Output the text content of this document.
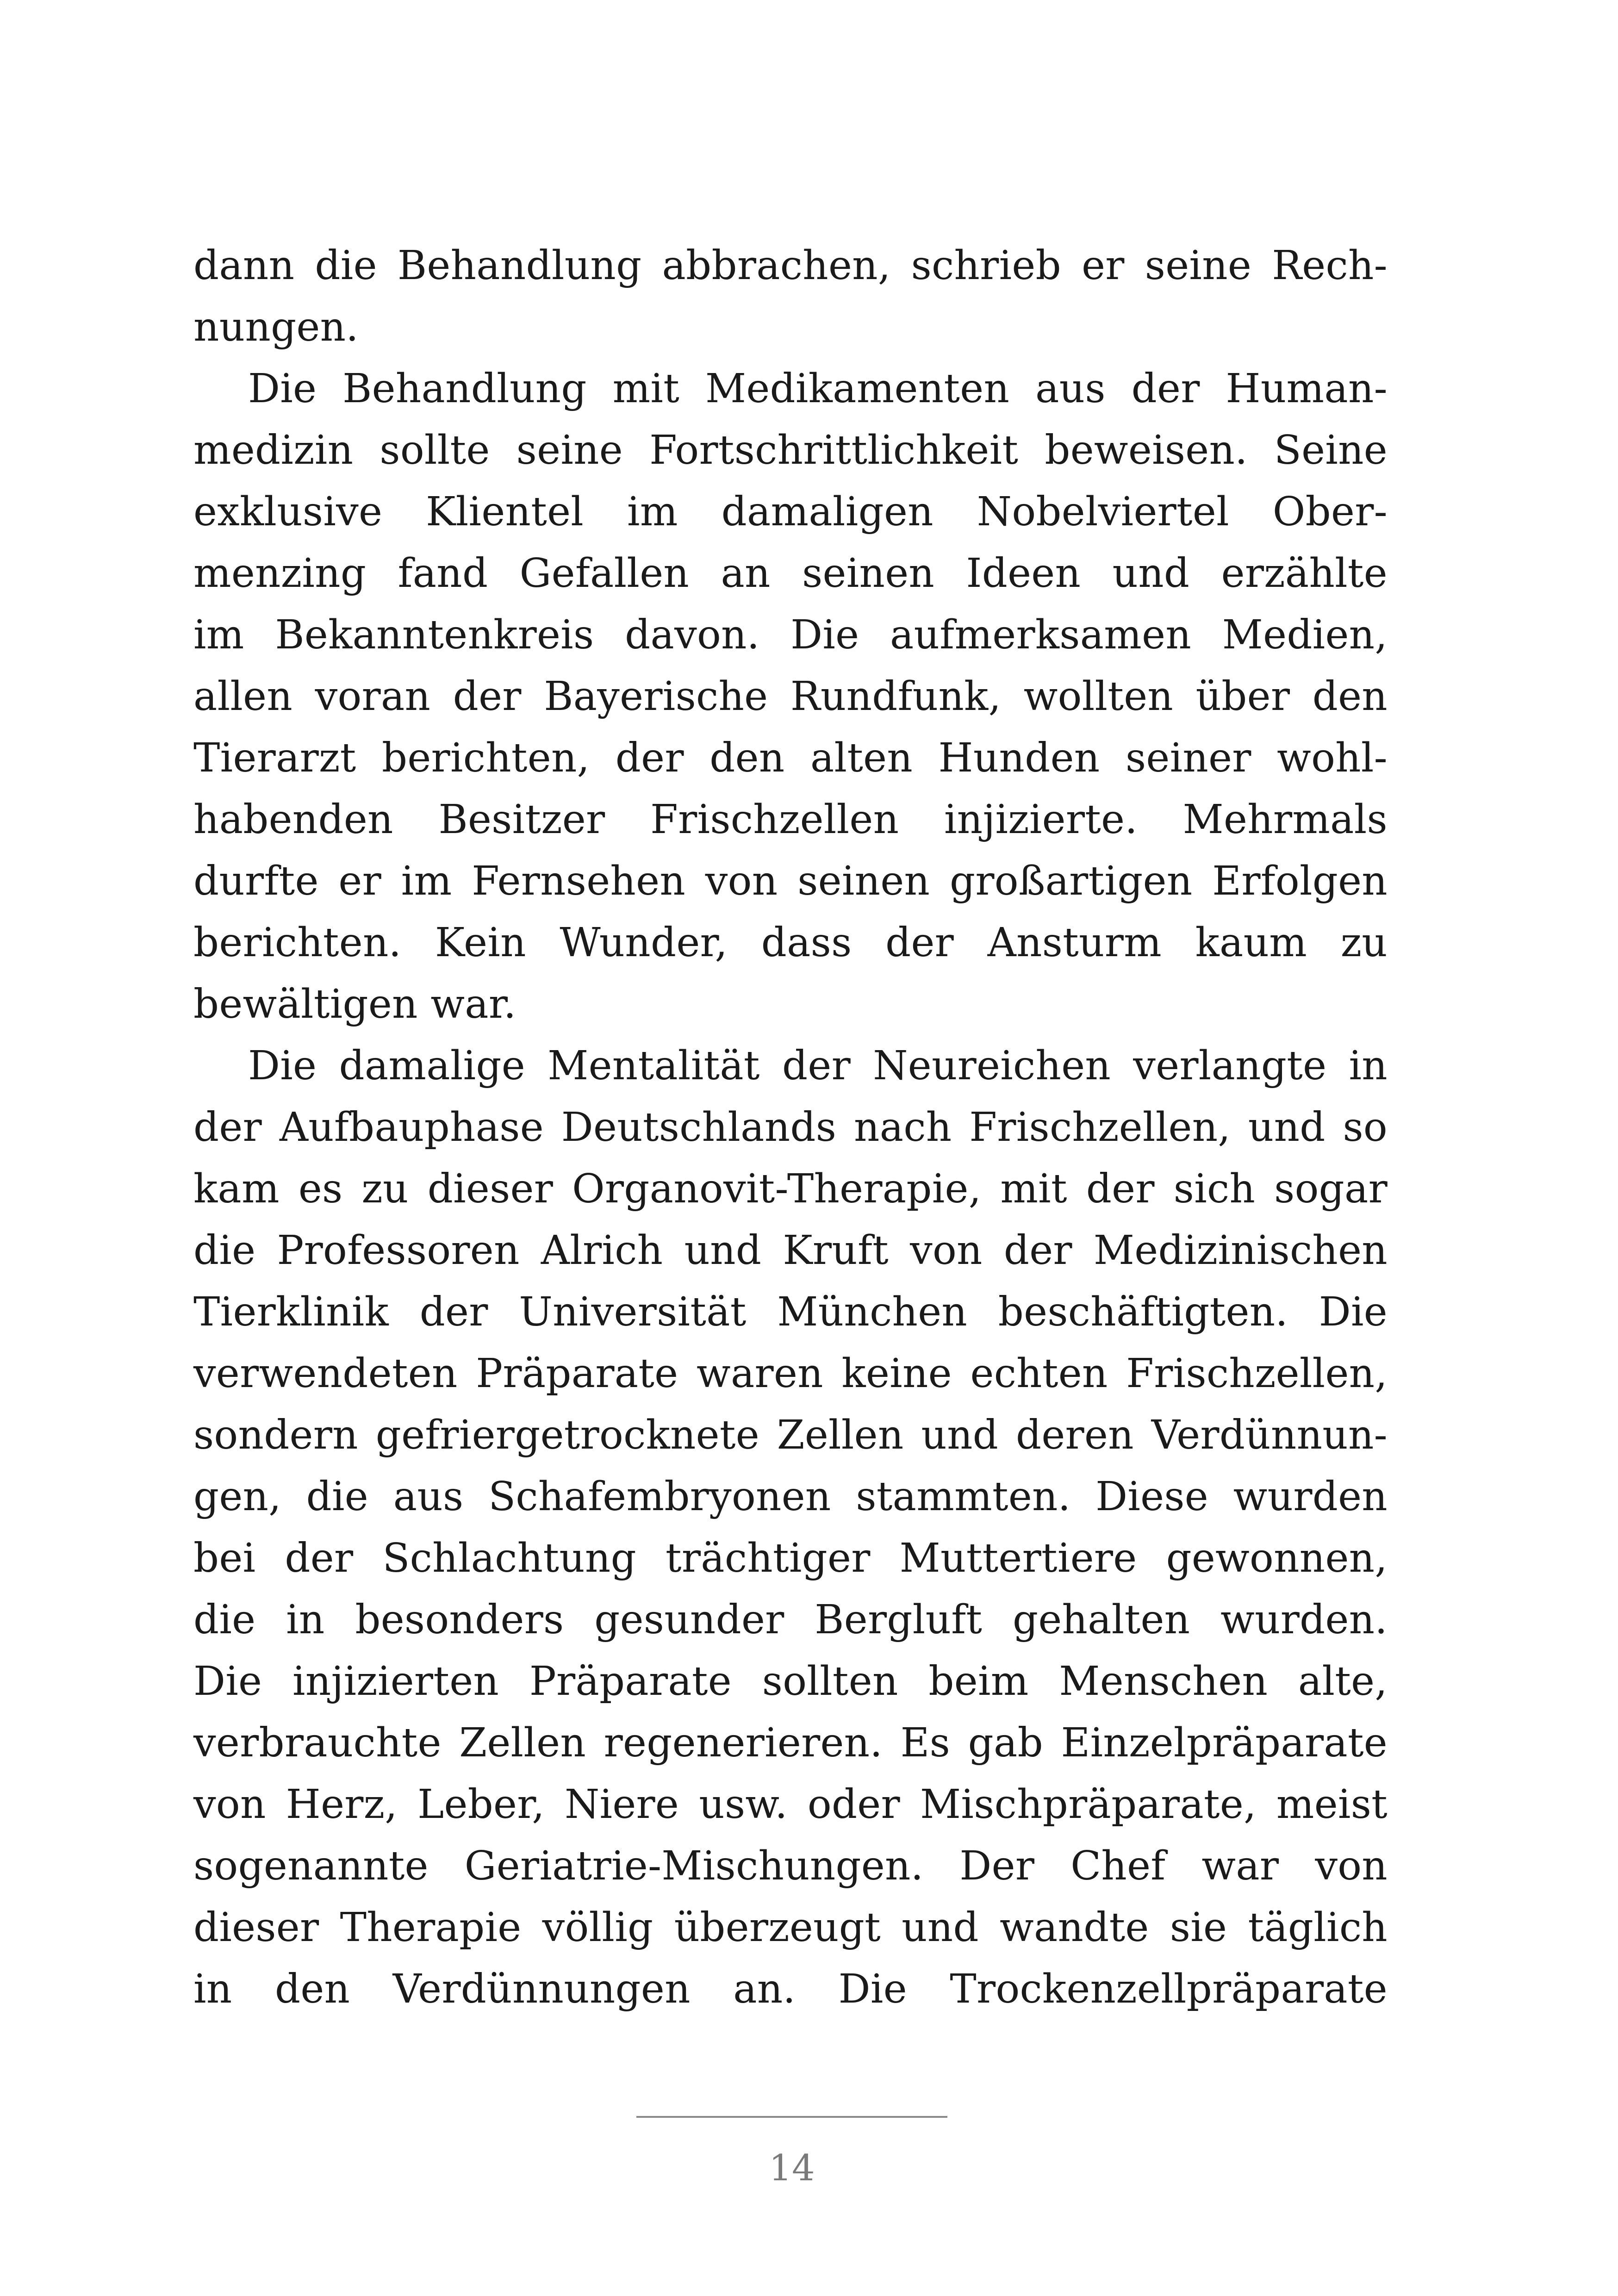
dann die Behandlung abbrachen, schrieb er seine Rech-
nungen.
Die Behandlung mit Medikamenten aus der Human-
medizin sollte seine Fortschrittlichkeit beweisen. Seine
exklusive Klientel im damaligen Nobelviertel Ober-
menzing fand Gefallen an seinen Ideen und erzählte
im Bekanntenkreis davon. Die aufmerksamen Medien,
allen voran der Bayerische Rundfunk, wollten über den
Tierarzt berichten, der den alten Hunden seiner wohl-
habenden Besitzer Frischzellen injizierte. Mehrmals
durfte er im Fernsehen von seinen großartigen Erfolgen
berichten. Kein Wunder, dass der Ansturm kaum zu
bewältigen war.
Die damalige Mentalität der Neureichen verlangte in
der Aufbauphase Deutschlands nach Frischzellen, und so
kam es zu dieser Organovit-Therapie, mit der sich sogar
die Professoren Alrich und Kruft von der Medizinischen
Tierklinik der Universität München beschäftigten. Die
verwendeten Präparate waren keine echten Frischzellen,
sondern gefriergetrocknete Zellen und deren Verdünnun-
gen, die aus Schafembryonen stammten. Diese wurden
bei der Schlachtung trächtiger Muttertiere gewonnen,
die in besonders gesunder Bergluft gehalten wurden.
Die injizierten Präparate sollten beim Menschen alte,
verbrauchte Zellen regenerieren. Es gab Einzelpräparate
von Herz, Leber, Niere usw. oder Mischpräparate, meist
sogenannte Geriatrie-Mischungen. Der Chef war von
dieser Therapie völlig überzeugt und wandte sie täglich
in den Verdünnungen an. Die Trockenzellpräparate
14
